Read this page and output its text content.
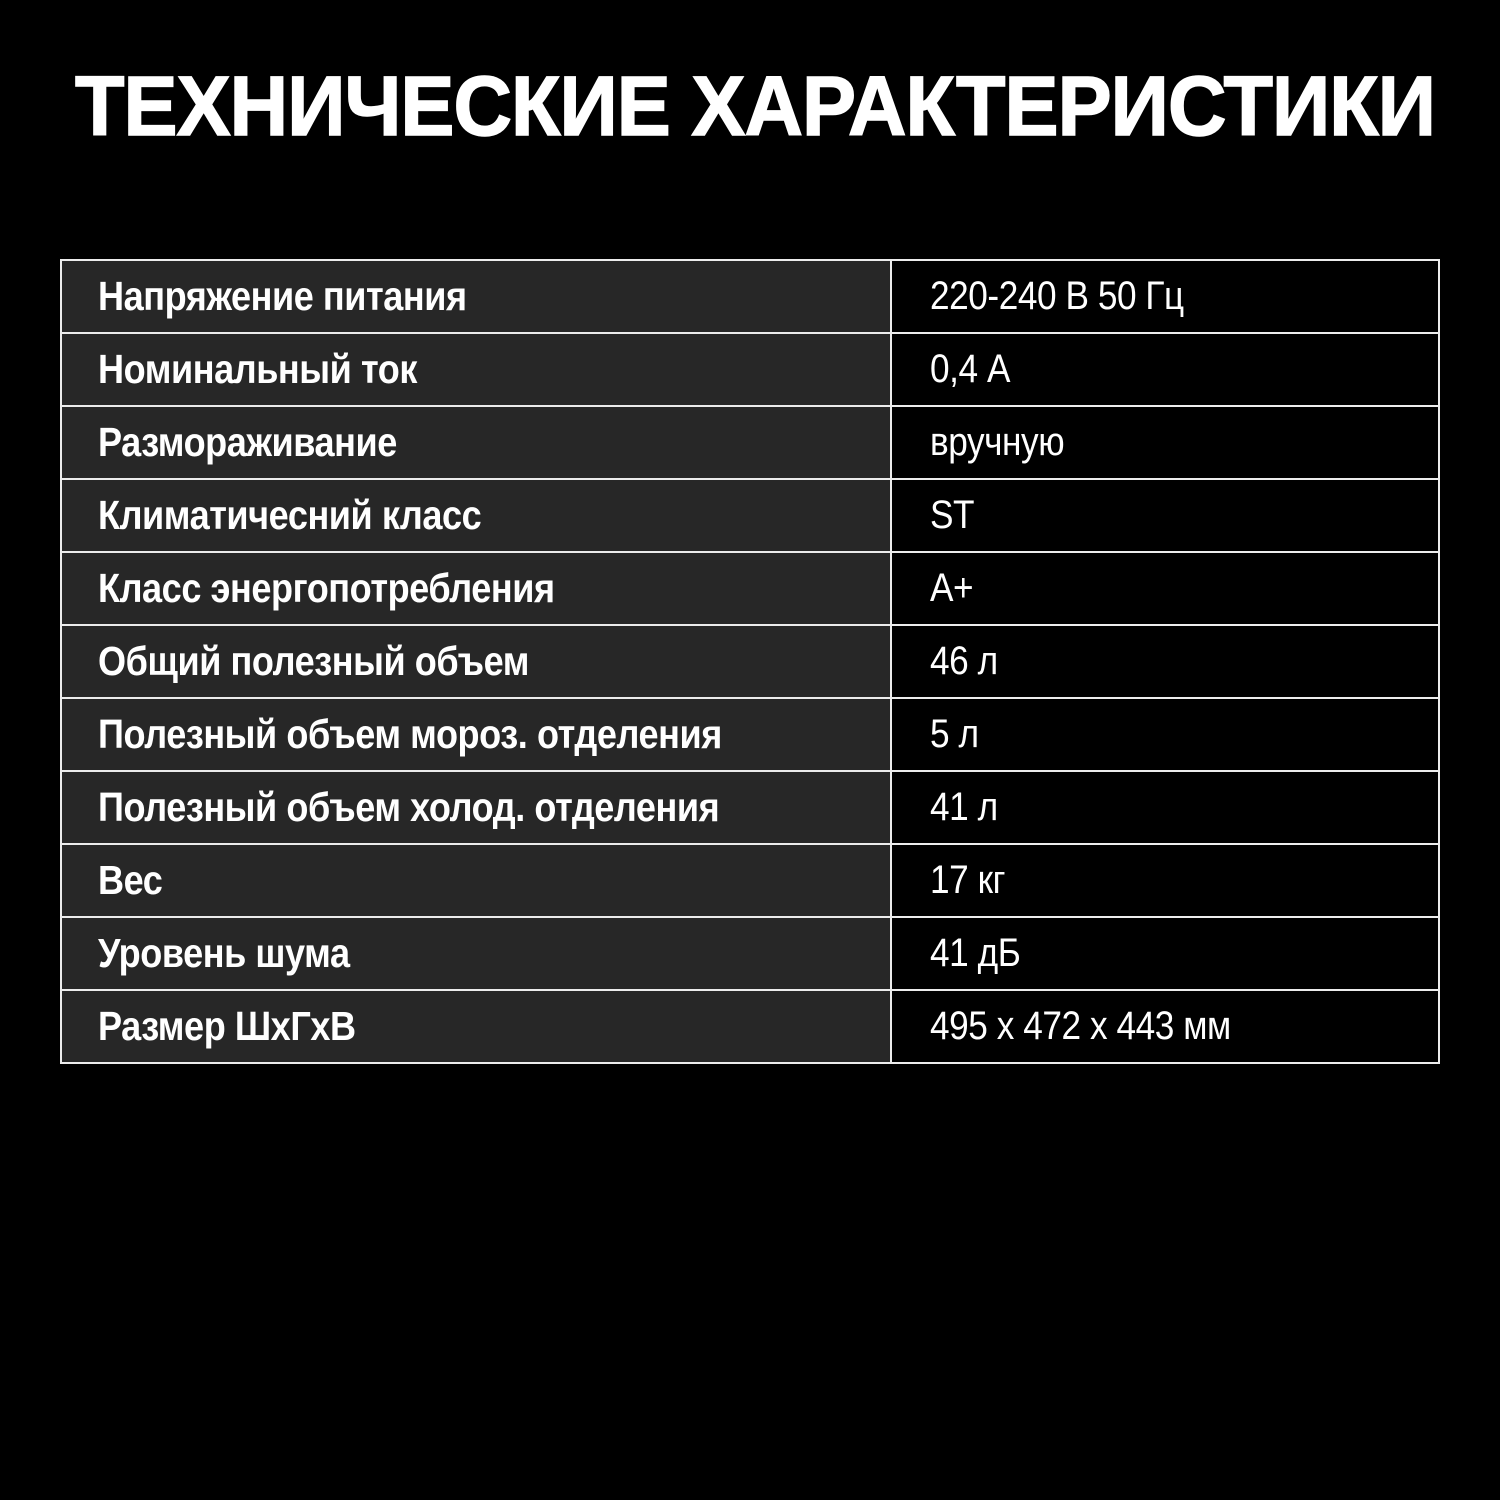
ТЕХНИЧЕСКИЕ ХАРАКТЕРИСТИКИ
Напряжение питания	220-240 В 50 Гц
Номинальный ток	0,4 А
Размораживание	вручную
Климатичесний класс	ST
Класс энергопотребления	А+
Общий полезный объем	46 л
Полезный объем мороз. отделения	5 л
Полезный объем холод. отделения	41 л
Вес	17 кг
Уровень шума	41 дБ
Размер ШхГхВ	495 х 472 х 443 мм
